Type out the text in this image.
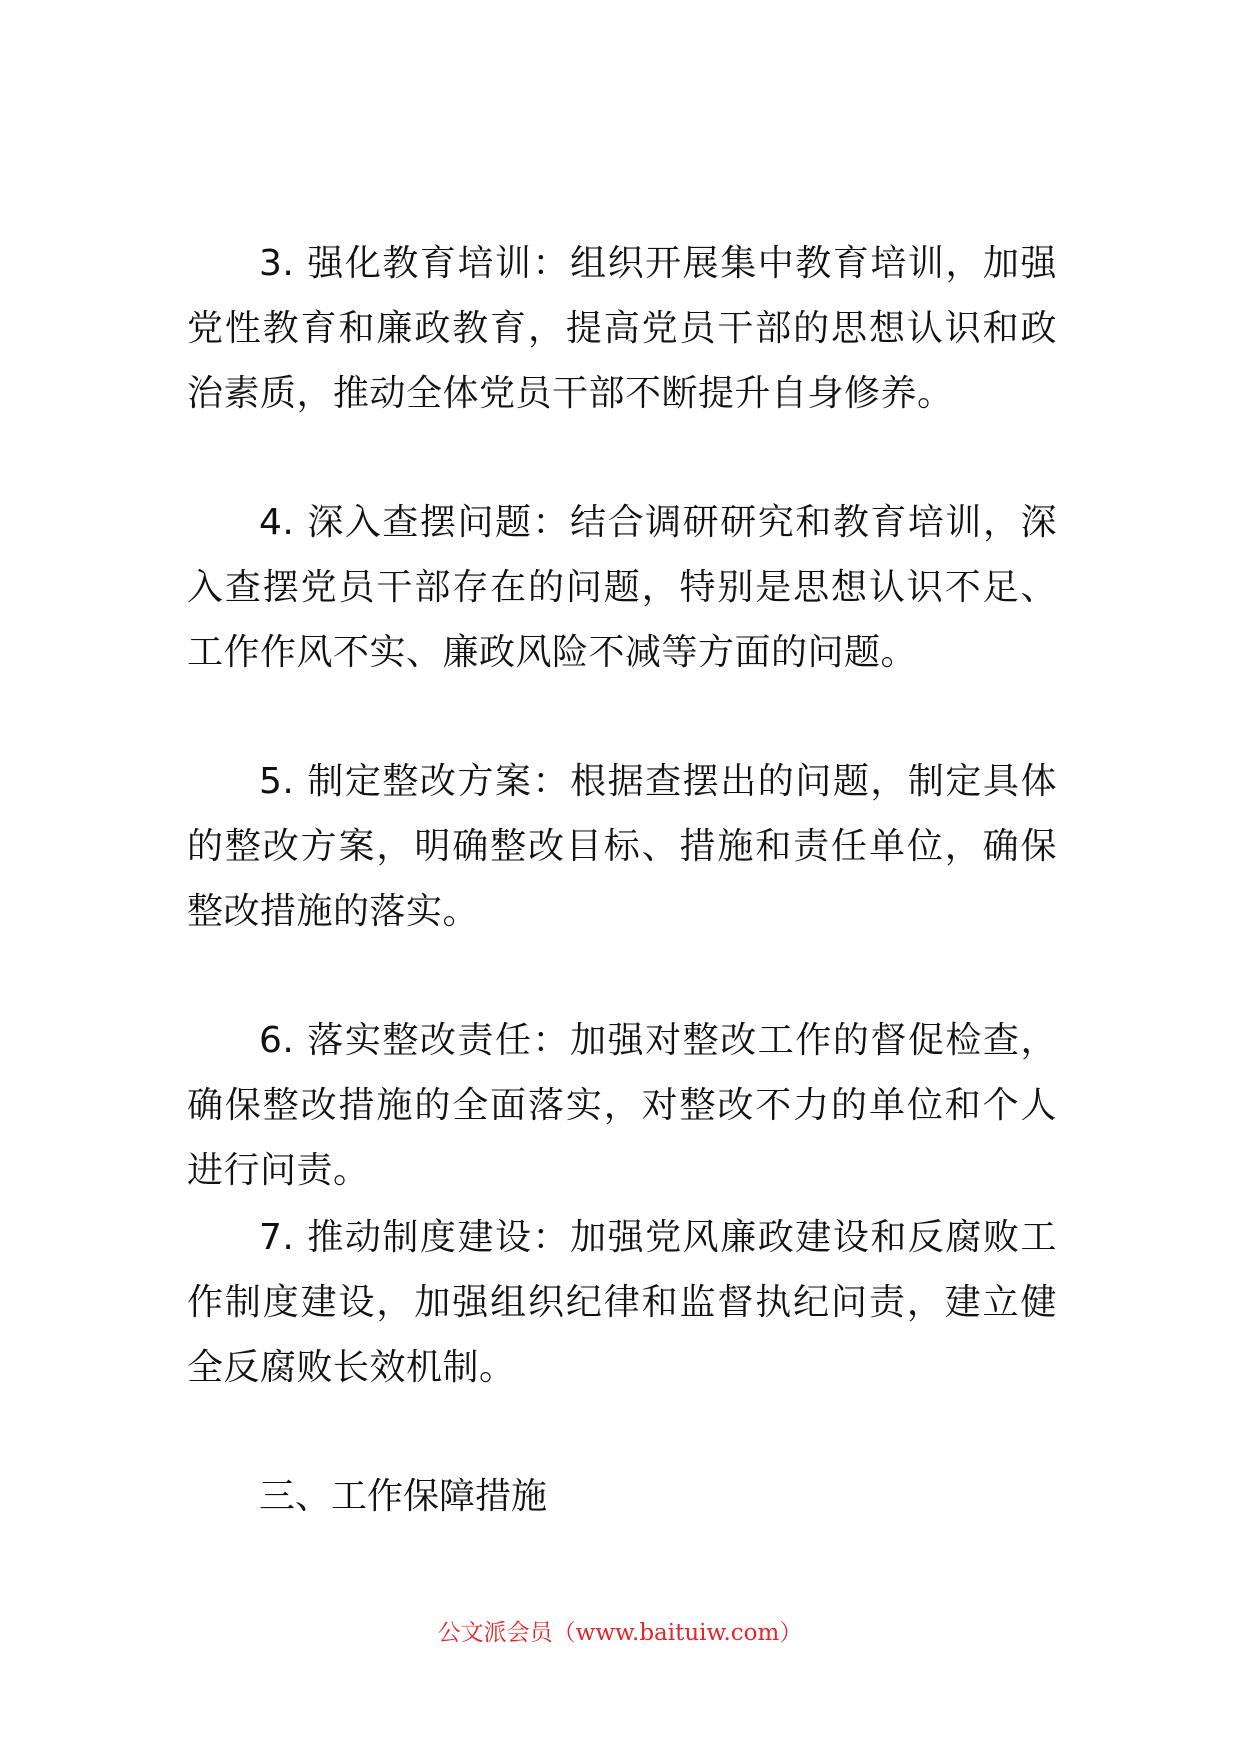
3. 强化教育培训：组织开展集中教育培训，加强党性教育和廉政教育，提高党员干部的思想认识和政治素质，推动全体党员干部不断提升自身修养。

4. 深入查摆问题：结合调研研究和教育培训，深入查摆党员干部存在的问题，特别是思想认识不足、工作作风不实、廉政风险不减等方面的问题。

5. 制定整改方案：根据查摆出的问题，制定具体的整改方案，明确整改目标、措施和责任单位，确保整改措施的落实。

6. 落实整改责任：加强对整改工作的督促检查，确保整改措施的全面落实，对整改不力的单位和个人进行问责。

7. 推动制度建设：加强党风廉政建设和反腐败工作制度建设，加强组织纪律和监督执纪问责，建立健全反腐败长效机制。

三、工作保障措施
公文派会员（www.baituiw.com）
